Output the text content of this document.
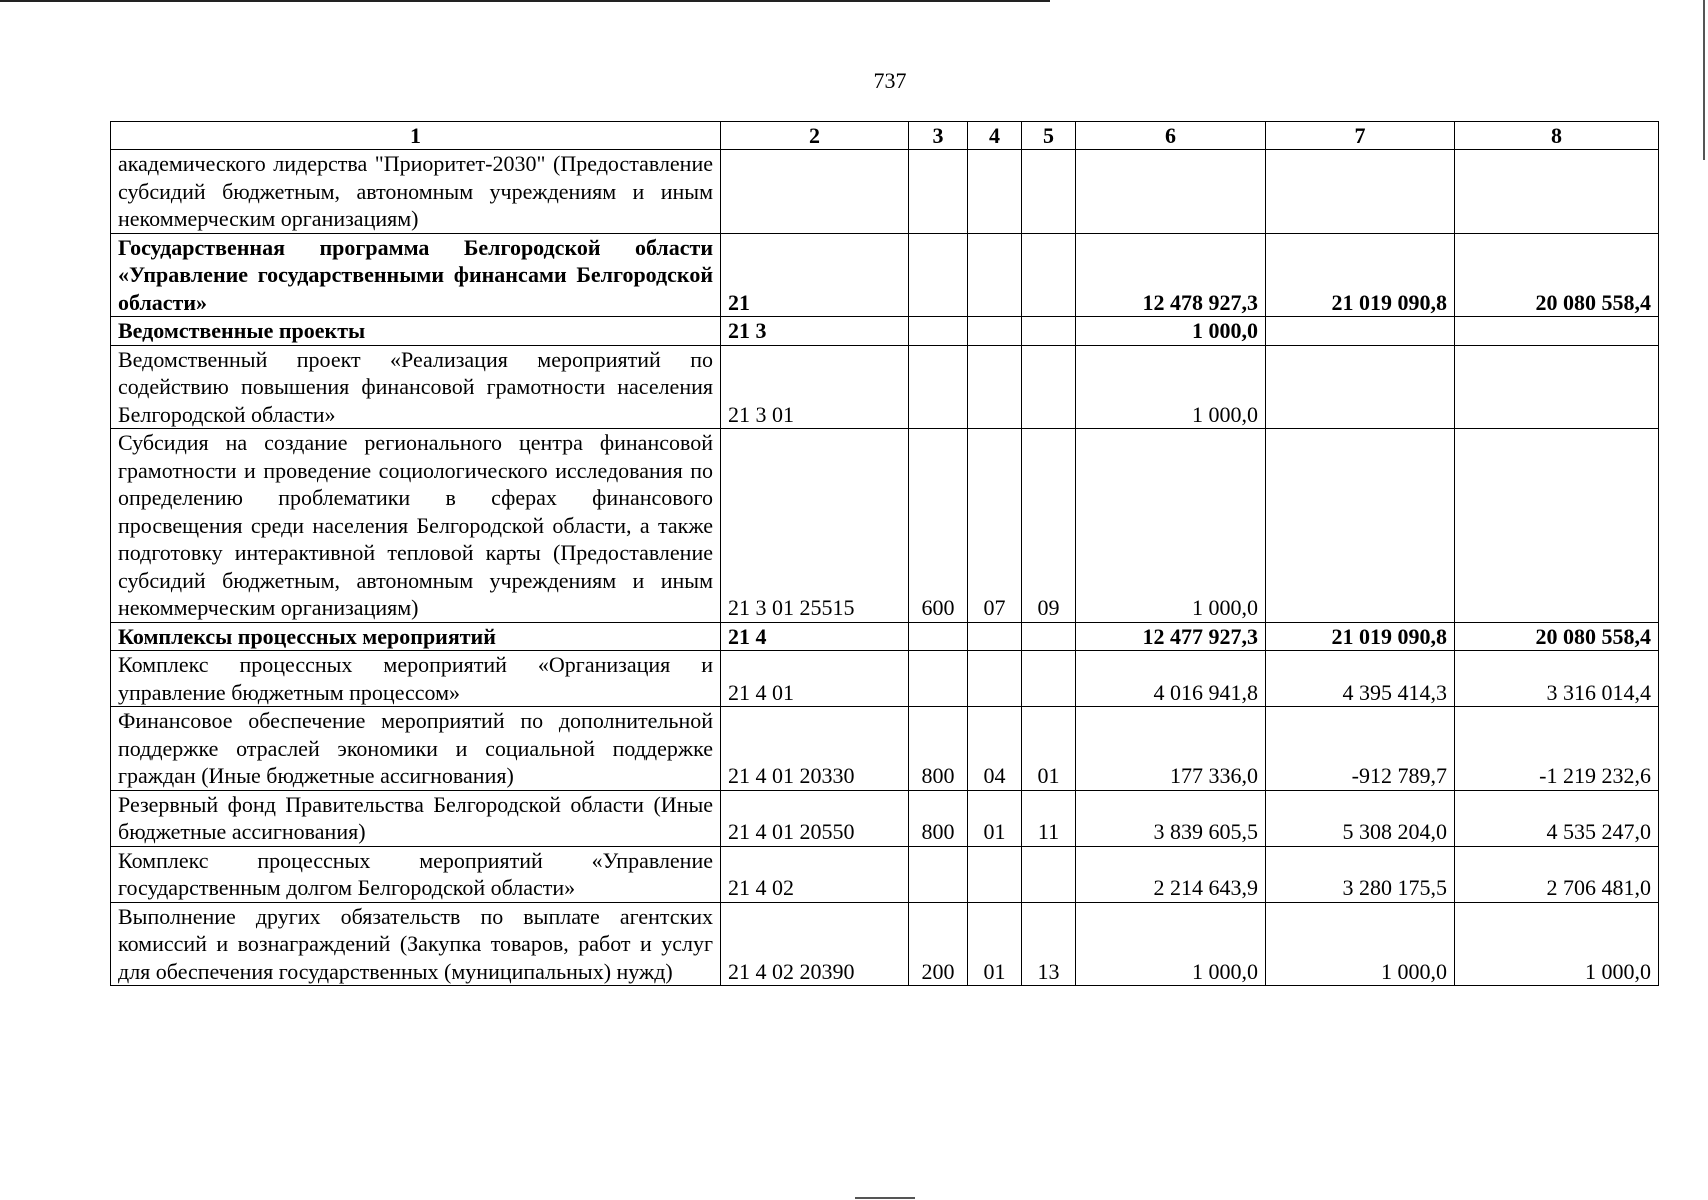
737
1	2	3	4	5	6	7	8
академического лидерства "Приоритет-2030" (Предоставление субсидий бюджетным, автономным учреждениям и иным некоммерческим организациям)							
Государственная программа Белгородской области «Управление государственными финансами Белгородской области»	21				12 478 927,3	21 019 090,8	20 080 558,4
Ведомственные проекты	21 3				1 000,0		
Ведомственный проект «Реализация мероприятий по содействию повышения финансовой грамотности населения Белгородской области»	21 3 01				1 000,0		
Субсидия на создание регионального центра финансовой грамотности и проведение социологического исследования по определению проблематики в сферах финансового просвещения среди населения Белгородской области, а также подготовку интерактивной тепловой карты (Предоставление субсидий бюджетным, автономным учреждениям и иным некоммерческим организациям)	21 3 01 25515	600	07	09	1 000,0		
Комплексы процессных мероприятий	21 4				12 477 927,3	21 019 090,8	20 080 558,4
Комплекс процессных мероприятий «Организация и управление бюджетным процессом»	21 4 01				4 016 941,8	4 395 414,3	3 316 014,4
Финансовое обеспечение мероприятий по дополнительной поддержке отраслей экономики и социальной поддержке граждан (Иные бюджетные ассигнования)	21 4 01 20330	800	04	01	177 336,0	-912 789,7	-1 219 232,6
Резервный фонд Правительства Белгородской области (Иные бюджетные ассигнования)	21 4 01 20550	800	01	11	3 839 605,5	5 308 204,0	4 535 247,0
Комплекс процессных мероприятий «Управление государственным долгом Белгородской области»	21 4 02				2 214 643,9	3 280 175,5	2 706 481,0
Выполнение других обязательств по выплате агентских комиссий и вознаграждений (Закупка товаров, работ и услуг для обеспечения государственных (муниципальных) нужд)	21 4 02 20390	200	01	13	1 000,0	1 000,0	1 000,0
